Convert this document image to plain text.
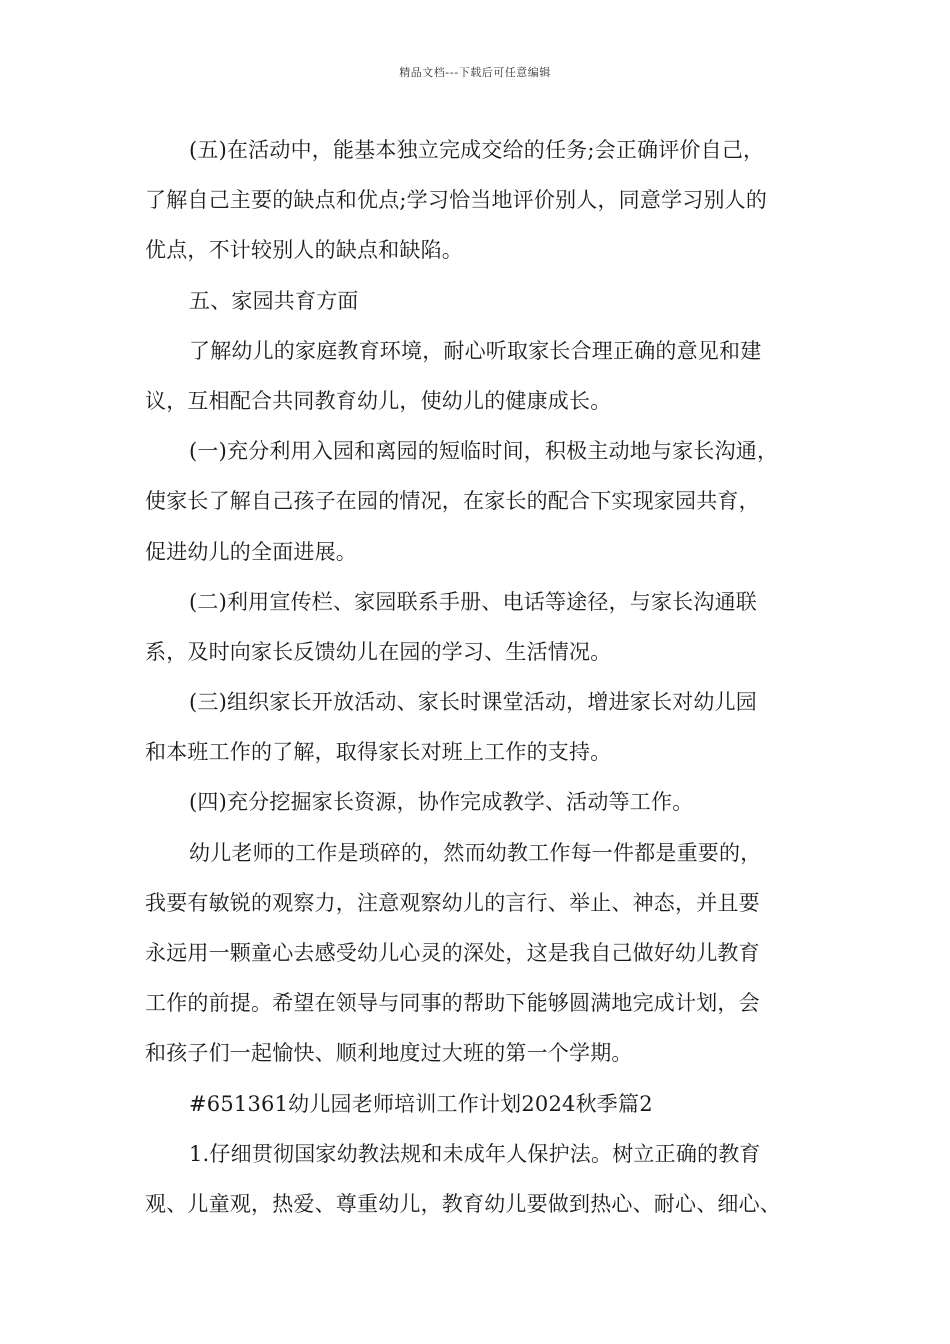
精品文档---下载后可任意编辑
(五)在活动中，能基本独立完成交给的任务;会正确评价自己，
了解自己主要的缺点和优点;学习恰当地评价别人，同意学习别人的
优点，不计较别人的缺点和缺陷。
五、家园共育方面
了解幼儿的家庭教育环境，耐心听取家长合理正确的意见和建
议，互相配合共同教育幼儿，使幼儿的健康成长。
(一)充分利用入园和离园的短临时间，积极主动地与家长沟通，
使家长了解自己孩子在园的情况，在家长的配合下实现家园共育，
促进幼儿的全面进展。
(二)利用宣传栏、家园联系手册、电话等途径，与家长沟通联
系，及时向家长反馈幼儿在园的学习、生活情况。
(三)组织家长开放活动、家长时课堂活动，增进家长对幼儿园
和本班工作的了解，取得家长对班上工作的支持。
(四)充分挖掘家长资源，协作完成教学、活动等工作。
幼儿老师的工作是琐碎的，然而幼教工作每一件都是重要的，
我要有敏锐的观察力，注意观察幼儿的言行、举止、神态，并且要
永远用一颗童心去感受幼儿心灵的深处，这是我自己做好幼儿教育
工作的前提。希望在领导与同事的帮助下能够圆满地完成计划，会
和孩子们一起愉快、顺利地度过大班的第一个学期。
#651361幼儿园老师培训工作计划2024秋季篇2
1.仔细贯彻国家幼教法规和未成年人保护法。树立正确的教育
观、儿童观，热爱、尊重幼儿，教育幼儿要做到热心、耐心、细心、
